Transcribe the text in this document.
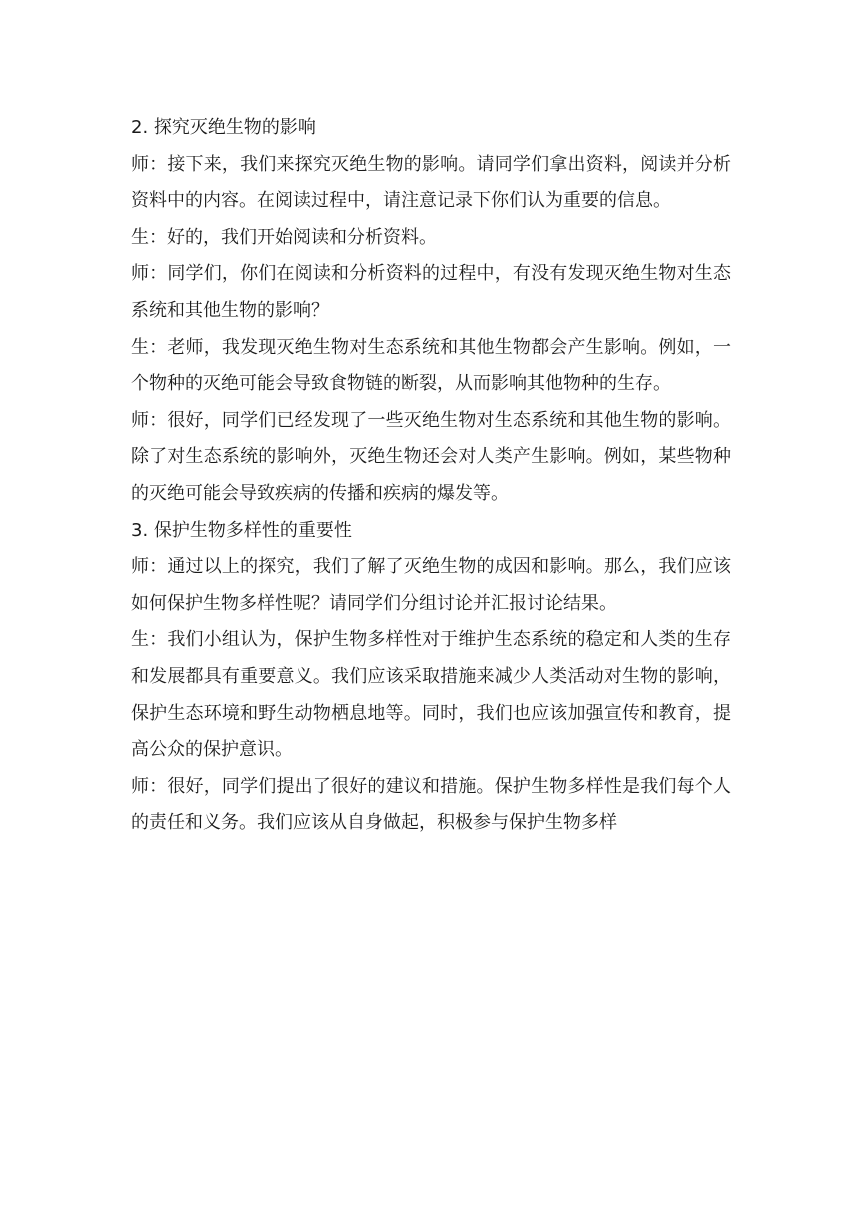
2. 探究灭绝生物的影响

师：接下来，我们来探究灭绝生物的影响。请同学们拿出资料，阅读并分析资料中的内容。在阅读过程中，请注意记录下你们认为重要的信息。

生：好的，我们开始阅读和分析资料。

师：同学们，你们在阅读和分析资料的过程中，有没有发现灭绝生物对生态系统和其他生物的影响？

生：老师，我发现灭绝生物对生态系统和其他生物都会产生影响。例如，一个物种的灭绝可能会导致食物链的断裂，从而影响其他物种的生存。

师：很好，同学们已经发现了一些灭绝生物对生态系统和其他生物的影响。除了对生态系统的影响外，灭绝生物还会对人类产生影响。例如，某些物种的灭绝可能会导致疾病的传播和疾病的爆发等。

3. 保护生物多样性的重要性

师：通过以上的探究，我们了解了灭绝生物的成因和影响。那么，我们应该如何保护生物多样性呢？请同学们分组讨论并汇报讨论结果。

生：我们小组认为，保护生物多样性对于维护生态系统的稳定和人类的生存和发展都具有重要意义。我们应该采取措施来减少人类活动对生物的影响，保护生态环境和野生动物栖息地等。同时，我们也应该加强宣传和教育，提高公众的保护意识。

师：很好，同学们提出了很好的建议和措施。保护生物多样性是我们每个人的责任和义务。我们应该从自身做起，积极参与保护生物多样
